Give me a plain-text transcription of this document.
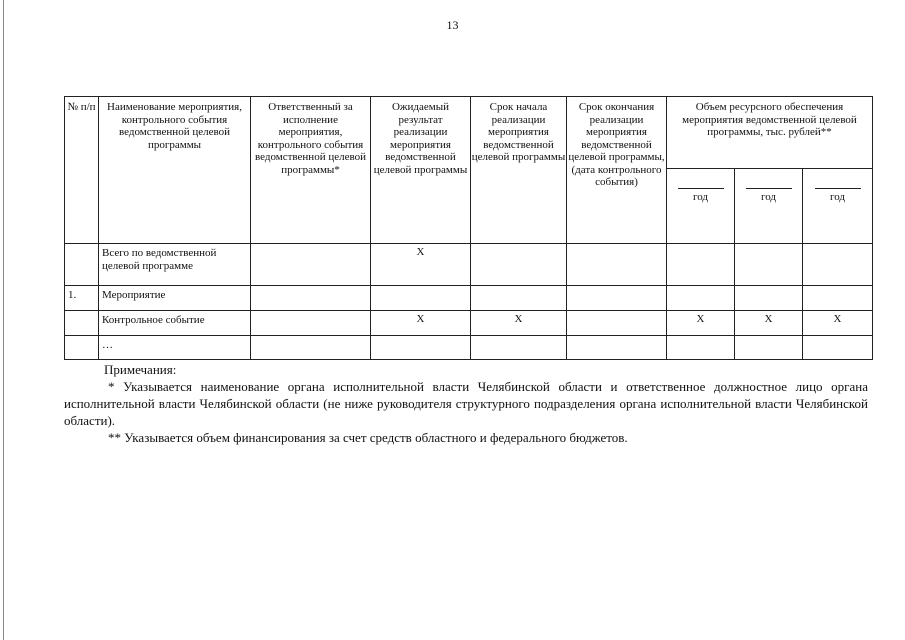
13
№ п/п	Наименование мероприятия, контрольного события ведомственной целевой программы	Ответственный за исполнение мероприятия, контрольного события ведомственной целевой программы*	Ожидаемый результат реализации мероприятия ведомственной целевой программы	Срок начала реализации мероприятия ведомственной целевой программы	Срок окончания реализации мероприятия ведомственной целевой программы, (дата контрольного события)	Объем ресурсного обеспечения мероприятия ведомственной целевой программы, тыс. рублей**		

год	год	год
	Всего по ведомственной целевой программе		Х					
1.	Мероприятие							
	Контрольное событие		Х	Х		Х	Х	Х
	…							

Примечания:

* Указывается наименование органа исполнительной власти Челябинской области и ответственное должностное лицо органа исполнительной власти Челябинской области (не ниже руководителя структурного подразделения органа исполнительной власти Челябинской области).

** Указывается объем финансирования за счет средств областного и федерального бюджетов.
